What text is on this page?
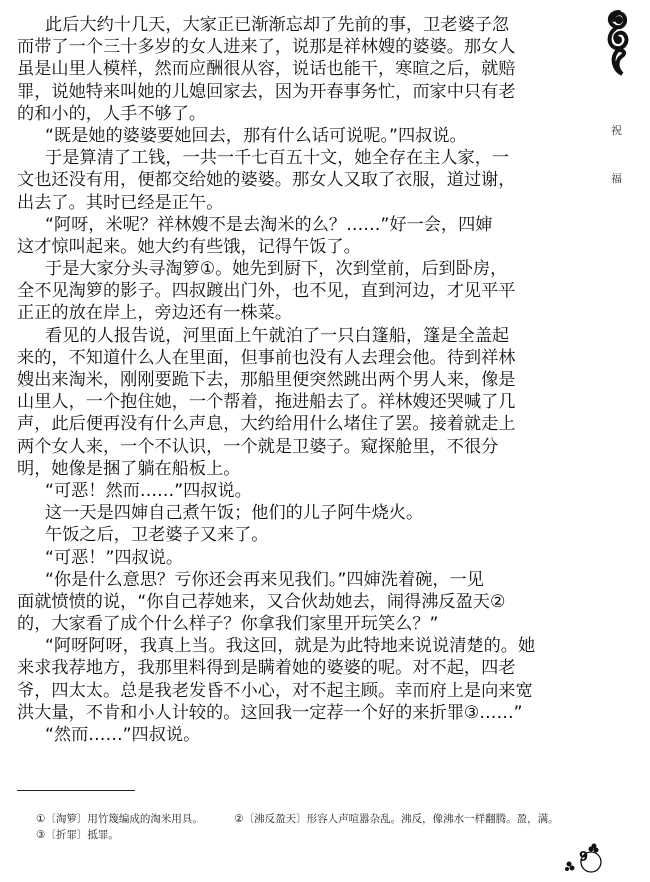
此后大约十几天，大家正已渐渐忘却了先前的事，卫老婆子忽
而带了一个三十多岁的女人进来了，说那是祥林嫂的婆婆。那女人
虽是山里人模样，然而应酬很从容，说话也能干，寒暄之后，就赔
罪，说她特来叫她的儿媳回家去，因为开春事务忙，而家中只有老
的和小的，人手不够了。
“既是她的婆婆要她回去，那有什么话可说呢。”四叔说。
于是算清了工钱，一共一千七百五十文，她全存在主人家，一
文也还没有用，便都交给她的婆婆。那女人又取了衣服，道过谢，
出去了。其时已经是正午。
“阿呀，米呢？祥林嫂不是去淘米的么？……”好一会，四婶
这才惊叫起来。她大约有些饿，记得午饭了。
于是大家分头寻淘箩①。她先到厨下，次到堂前，后到卧房，
全不见淘箩的影子。四叔踱出门外，也不见，直到河边，才见平平
正正的放在岸上，旁边还有一株菜。
看见的人报告说，河里面上午就泊了一只白篷船，篷是全盖起
来的，不知道什么人在里面，但事前也没有人去理会他。待到祥林
嫂出来淘米，刚刚要跪下去，那船里便突然跳出两个男人来，像是
山里人，一个抱住她，一个帮着，拖进船去了。祥林嫂还哭喊了几
声，此后便再没有什么声息，大约给用什么堵住了罢。接着就走上
两个女人来，一个不认识，一个就是卫婆子。窥探舱里，不很分
明，她像是捆了躺在船板上。
“可恶！然而……”四叔说。
这一天是四婶自己煮午饭；他们的儿子阿牛烧火。
午饭之后，卫老婆子又来了。
“可恶！”四叔说。
“你是什么意思？亏你还会再来见我们。”四婶洗着碗，一见
面就愤愤的说，“你自己荐她来，又合伙劫她去，闹得沸反盈天②
的，大家看了成个什么样子？你拿我们家里开玩笑么？”
“阿呀阿呀，我真上当。我这回，就是为此特地来说说清楚的。她
来求我荐地方，我那里料得到是瞒着她的婆婆的呢。对不起，四老
爷，四太太。总是我老发昏不小心，对不起主顾。幸而府上是向来宽
洪大量，不肯和小人计较的。这回我一定荐一个好的来折罪③……”
“然而……”四叔说。
①〔淘箩〕用竹篾编成的淘米用具。	②〔沸反盈天〕形容人声喧嚣杂乱。沸反，像沸水一样翻腾。盈，满。
③〔折罪〕抵罪。
祝
福
9
